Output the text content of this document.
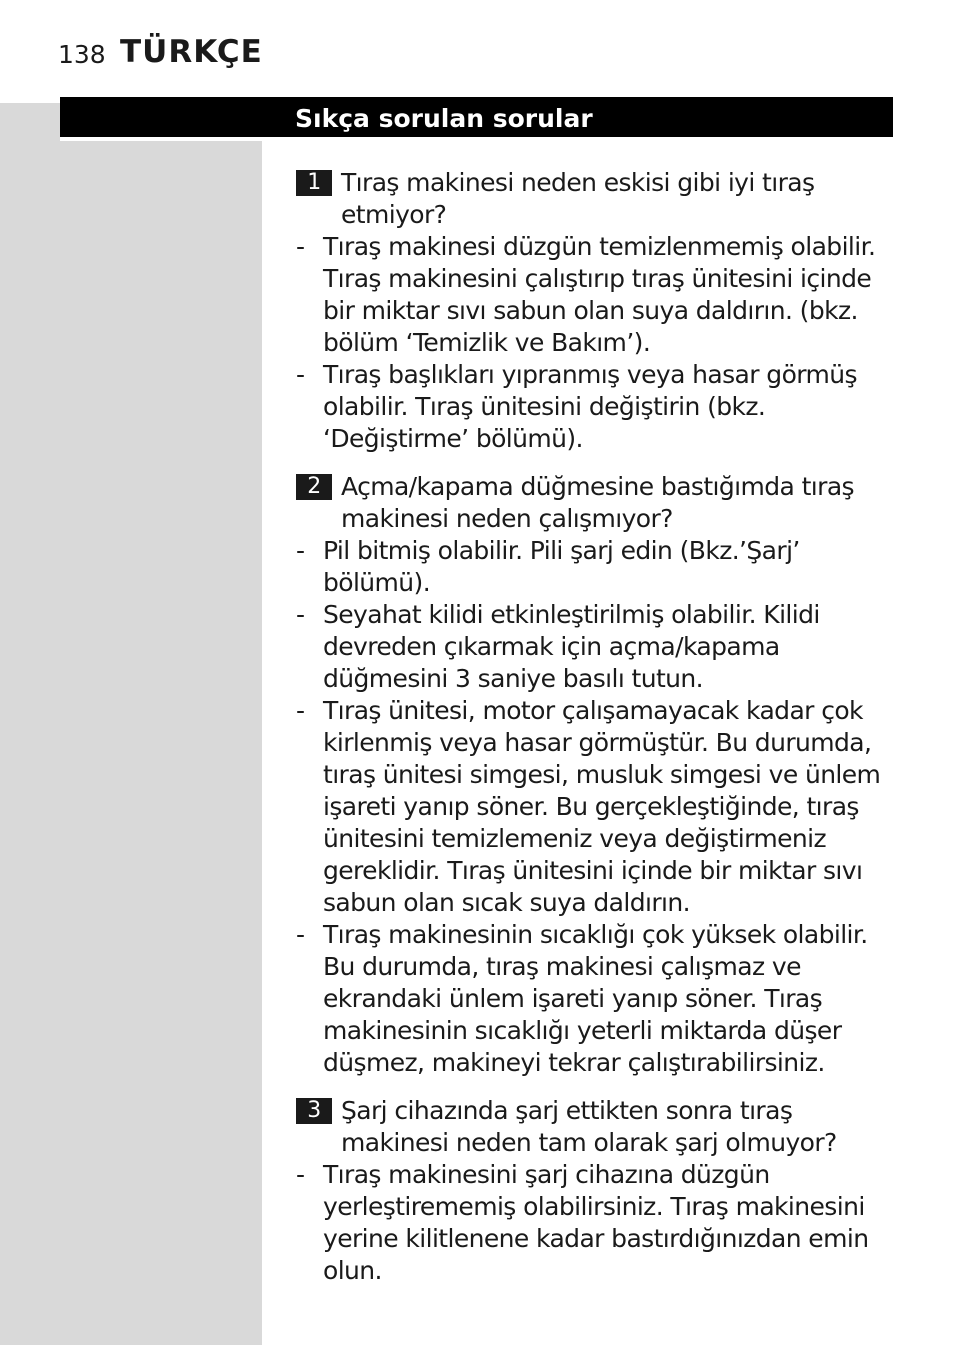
138 TÜRKÇE
Sıkça sorulan sorular
1 Tıraş makinesi neden eskisi gibi iyi tıraş etmiyor?
- Tıraş makinesi düzgün temizlenmemiş olabilir. Tıraş makinesini çalıştırıp tıraş ünitesini içinde bir miktar sıvı sabun olan suya daldırın. (bkz. bölüm ‘Temizlik ve Bakım’).
- Tıraş başlıkları yıpranmış veya hasar görmüş olabilir. Tıraş ünitesini değiştirin (bkz. ‘Değiştirme’ bölümü).
2 Açma/kapama düğmesine bastığımda tıraş makinesi neden çalışmıyor?
- Pil bitmiş olabilir. Pili şarj edin (Bkz.’Şarj’ bölümü).
- Seyahat kilidi etkinleştirilmiş olabilir. Kilidi devreden çıkarmak için açma/kapama düğmesini 3 saniye basılı tutun.
- Tıraş ünitesi, motor çalışamayacak kadar çok kirlenmiş veya hasar görmüştür. Bu durumda, tıraş ünitesi simgesi, musluk simgesi ve ünlem işareti yanıp söner. Bu gerçekleştiğinde, tıraş ünitesini temizlemeniz veya değiştirmeniz gereklidir. Tıraş ünitesini içinde bir miktar sıvı sabun olan sıcak suya daldırın.
- Tıraş makinesinin sıcaklığı çok yüksek olabilir. Bu durumda, tıraş makinesi çalışmaz ve ekrandaki ünlem işareti yanıp söner. Tıraş makinesinin sıcaklığı yeterli miktarda düşer düşmez, makineyi tekrar çalıştırabilirsiniz.
3 Şarj cihazında şarj ettikten sonra tıraş makinesi neden tam olarak şarj olmuyor?
- Tıraş makinesini şarj cihazına düzgün yerleştirememiş olabilirsiniz. Tıraş makinesini yerine kilitlenene kadar bastırdığınızdan emin olun.
